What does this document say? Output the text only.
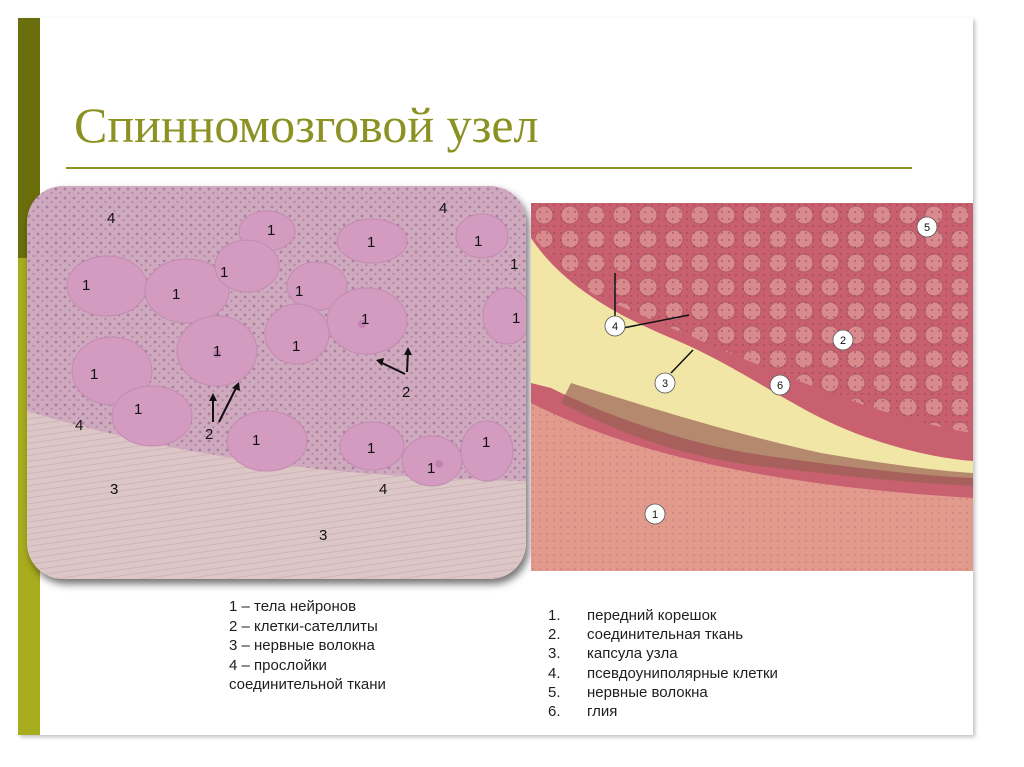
Спинномозговой узел
4
4
1
1	1
1
1
1
1	1
1	1
1	1
1
1
1	1
1
1
2
2
4
4
3
3
4
2
3	6
5
1
1 – тела нейронов
2 – клетки-сателлиты
3 – нервные волокна
4 – прослойки
соединительной ткани
1.	передний корешок
2.	соединительная ткань
3.	капсула узла
4.	псевдоуниполярные клетки
5.	нервные волокна
6.	глия
